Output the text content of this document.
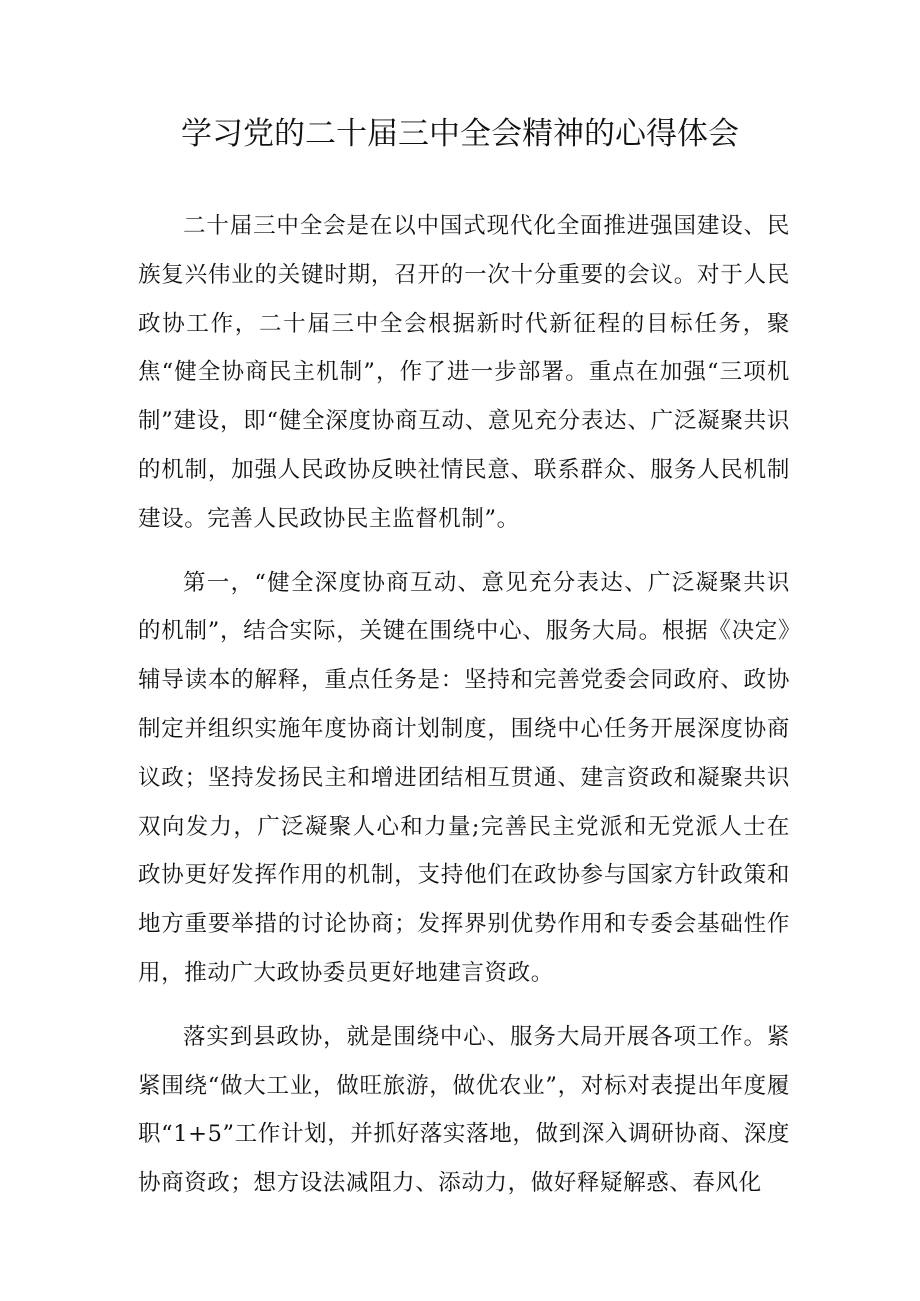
学习党的二十届三中全会精神的心得体会

二十届三中全会是在以中国式现代化全面推进强国建设、民族复兴伟业的关键时期，召开的一次十分重要的会议。对于人民政协工作，二十届三中全会根据新时代新征程的目标任务，聚焦“健全协商民主机制”，作了进一步部署。重点在加强“三项机制”建设，即“健全深度协商互动、意见充分表达、广泛凝聚共识的机制，加强人民政协反映社情民意、联系群众、服务人民机制建设。完善人民政协民主监督机制”。

第一，“健全深度协商互动、意见充分表达、广泛凝聚共识的机制”，结合实际，关键在围绕中心、服务大局。根据《决定》辅导读本的解释，重点任务是：坚持和完善党委会同政府、政协制定并组织实施年度协商计划制度，围绕中心任务开展深度协商议政；坚持发扬民主和增进团结相互贯通、建言资政和凝聚共识双向发力，广泛凝聚人心和力量;完善民主党派和无党派人士在政协更好发挥作用的机制，支持他们在政协参与国家方针政策和地方重要举措的讨论协商；发挥界别优势作用和专委会基础性作用，推动广大政协委员更好地建言资政。

落实到县政协，就是围绕中心、服务大局开展各项工作。紧紧围绕“做大工业，做旺旅游，做优农业”，对标对表提出年度履职“1+5”工作计划，并抓好落实落地，做到深入调研协商、深度协商资政；想方设法减阻力、添动力，做好释疑解惑、春风化
